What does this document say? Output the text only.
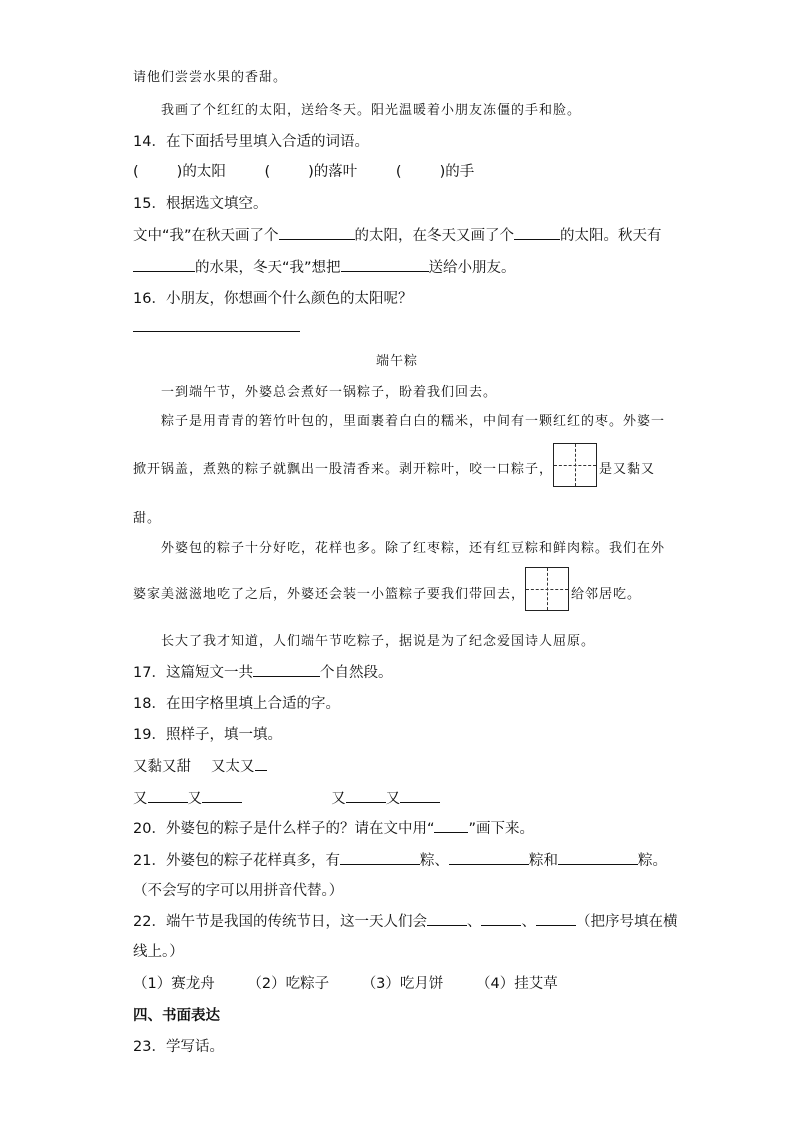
请他们尝尝水果的香甜。
我画了个红红的太阳，送给冬天。阳光温暖着小朋友冻僵的手和脸。
14．在下面括号里填入合适的词语。
(	)的太阳	(	)的落叶	(	)的手
15．根据选文填空。
文中“我”在秋天画了个	的太阳，在冬天又画了个	的太阳。秋天有
的水果，冬天“我”想把	送给小朋友。
16．小朋友，你想画个什么颜色的太阳呢？
端午粽
一到端午节，外婆总会煮好一锅粽子，盼着我们回去。
粽子是用青青的箬竹叶包的，里面裹着白白的糯米，中间有一颗红红的枣。外婆一
掀开锅盖，煮熟的粽子就飘出一股清香来。剥开粽叶，咬一口粽子，	是又黏又
甜。
外婆包的粽子十分好吃，花样也多。除了红枣粽，还有红豆粽和鲜肉粽。我们在外
婆家美滋滋地吃了之后，外婆还会装一小篮粽子要我们带回去，	给邻居吃。
长大了我才知道，人们端午节吃粽子，据说是为了纪念爱国诗人屈原。
17．这篇短文一共	个自然段。
18．在田字格里填上合适的字。
19．照样子，填一填。
又黏又甜 又太又
又	又	又	又
20．外婆包的粽子是什么样子的？请在文中用“ ”画下来。
21．外婆包的粽子花样真多，有	粽、	粽和	粽。
（不会写的字可以用拼音代替。）
22．端午节是我国的传统节日，这一天人们会	、	、	（把序号填在横
线上。）
（1）赛龙舟 （2）吃粽子 （3）吃月饼 （4）挂艾草
四、书面表达
23．学写话。
